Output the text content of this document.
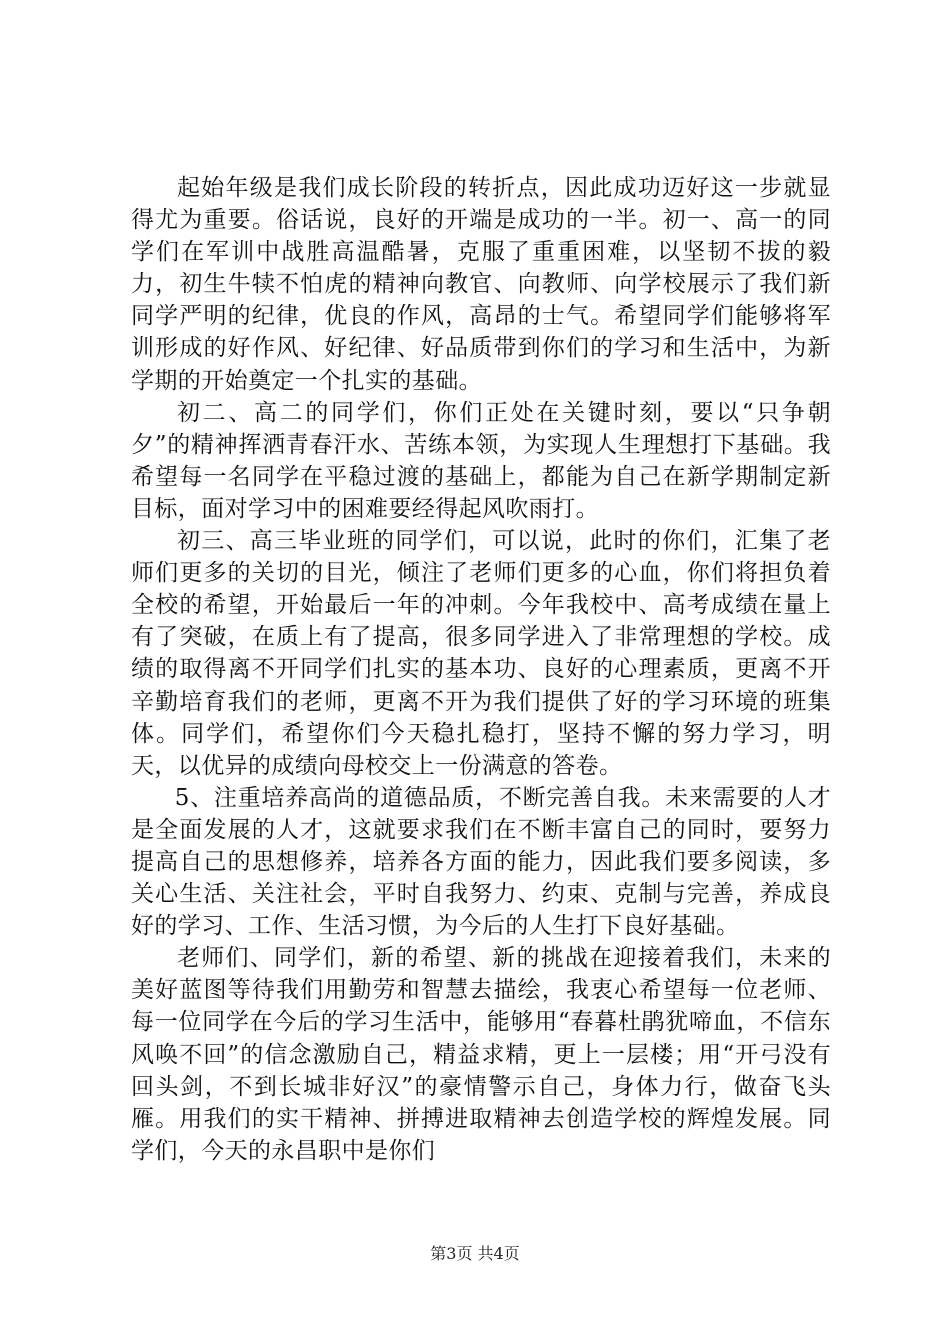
起始年级是我们成长阶段的转折点，因此成功迈好这一步就显得尤为重要。俗话说，良好的开端是成功的一半。初一、高一的同学们在军训中战胜高温酷暑，克服了重重困难，以坚韧不拔的毅力，初生牛犊不怕虎的精神向教官、向教师、向学校展示了我们新同学严明的纪律，优良的作风，高昂的士气。希望同学们能够将军训形成的好作风、好纪律、好品质带到你们的学习和生活中，为新学期的开始奠定一个扎实的基础。

初二、高二的同学们，你们正处在关键时刻，要以“只争朝夕”的精神挥洒青春汗水、苦练本领，为实现人生理想打下基础。我希望每一名同学在平稳过渡的基础上，都能为自己在新学期制定新目标，面对学习中的困难要经得起风吹雨打。

初三、高三毕业班的同学们，可以说，此时的你们，汇集了老师们更多的关切的目光，倾注了老师们更多的心血，你们将担负着全校的希望，开始最后一年的冲刺。今年我校中、高考成绩在量上有了突破，在质上有了提高，很多同学进入了非常理想的学校。成绩的取得离不开同学们扎实的基本功、良好的心理素质，更离不开辛勤培育我们的老师，更离不开为我们提供了好的学习环境的班集体。同学们，希望你们今天稳扎稳打，坚持不懈的努力学习，明天，以优异的成绩向母校交上一份满意的答卷。

5、注重培养高尚的道德品质，不断完善自我。未来需要的人才是全面发展的人才，这就要求我们在不断丰富自己的同时，要努力提高自己的思想修养，培养各方面的能力，因此我们要多阅读，多关心生活、关注社会，平时自我努力、约束、克制与完善，养成良好的学习、工作、生活习惯，为今后的人生打下良好基础。

老师们、同学们，新的希望、新的挑战在迎接着我们，未来的美好蓝图等待我们用勤劳和智慧去描绘，我衷心希望每一位老师、每一位同学在今后的学习生活中，能够用“春暮杜鹃犹啼血，不信东风唤不回”的信念激励自己，精益求精，更上一层楼；用“开弓没有回头剑，不到长城非好汉”的豪情警示自己，身体力行，做奋飞头雁。用我们的实干精神、拼搏进取精神去创造学校的辉煌发展。同学们，今天的永昌职中是你们

第3页 共4页
